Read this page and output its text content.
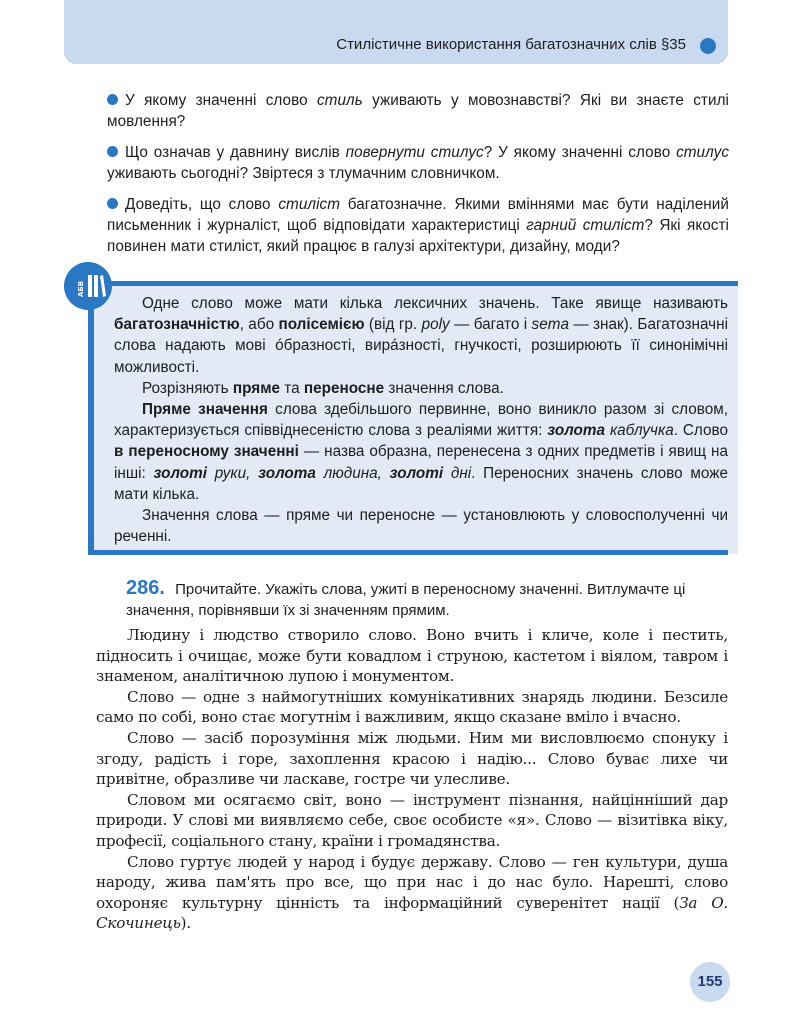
Стилістичне використання багатозначних слів §35

У якому значенні слово стиль уживають у мовознавстві? Які ви знаєте стилі мовлення?

Що означав у давнину вислів повернути стилус? У якому значенні слово стилус уживають сьогодні? Звіртеся з тлумачним словничком.

Доведіть, що слово стиліст багатозначне. Якими вміннями має бути наділений письменник і журналіст, щоб відповідати характеристиці гарний стиліст? Які якості повинен мати стиліст, який працює в галузі архітектури, дизайну, моди?

АБВ

Одне слово може мати кілька лексичних значень. Таке явище називають багатозначністю, або полісемією (від гр. poly — багато і sema — знак). Багатозначні слова надають мові óбразності, вирáзності, гнучкості, розширюють її синонімічні можливості.

Розрізняють пряме та переносне значення слова.

Пряме значення слова здебільшого первинне, воно виникло разом зі словом, характеризується співвіднесеністю слова з реаліями життя: золота каблучка. Слово в переносному значенні — назва образна, перенесена з одних предметів і явищ на інші: золоті руки, золота людина, золоті дні. Переносних значень слово може мати кілька.

Значення слова — пряме чи переносне — установлюють у словосполученні чи реченні.

286. Прочитайте. Укажіть слова, ужиті в переносному значенні. Витлумачте ці значення, порівнявши їх зі значенням прямим.

Людину і людство створило слово. Воно вчить і кличе, коле і пестить, підносить і очищає, може бути ковадлом і струною, кастетом і віялом, тавром і знаменом, аналітичною лупою і монументом.

Слово — одне з наймогутніших комунікативних знарядь людини. Безсиле само по собі, воно стає могутнім і важливим, якщо сказане вміло і вчасно.

Слово — засіб порозуміння між людьми. Ним ми висловлюємо спонуку і згоду, радість і горе, захоплення красою і надію... Слово буває лихе чи привітне, образливе чи ласкаве, гостре чи улесливе.

Словом ми осягаємо світ, воно — інструмент пізнання, найцінніший дар природи. У слові ми виявляємо себе, своє особисте «я». Слово — візитівка віку, професії, соціального стану, країни і громадянства.

Слово гуртує людей у народ і будує державу. Слово — ген культури, душа народу, жива пам'ять про все, що при нас і до нас було. Нарешті, слово охороняє культурну цінність та інформаційний суверенітет нації (За О. Скочинець).

155
